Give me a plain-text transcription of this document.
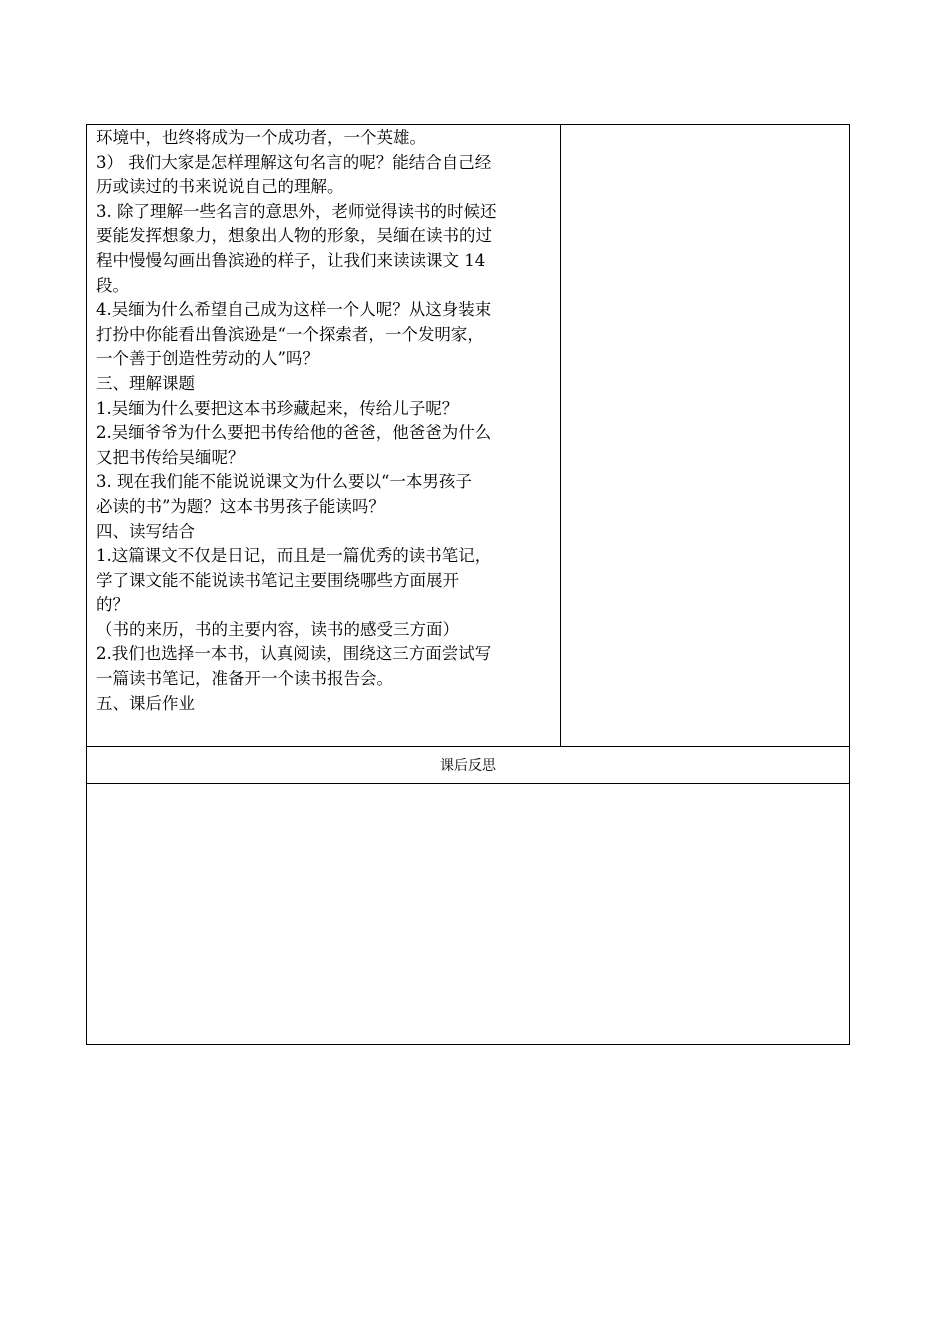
环境中，也终将成为一个成功者，一个英雄。
3） 我们大家是怎样理解这句名言的呢？能结合自己经
历或读过的书来说说自己的理解。
3. 除了理解一些名言的意思外，老师觉得读书的时候还
要能发挥想象力，想象出人物的形象，吴缅在读书的过
程中慢慢勾画出鲁滨逊的样子，让我们来读读课文 14
段。
4.吴缅为什么希望自己成为这样一个人呢？从这身装束
打扮中你能看出鲁滨逊是“一个探索者，一个发明家，
一个善于创造性劳动的人”吗？
三、理解课题
1.吴缅为什么要把这本书珍藏起来，传给儿子呢？
2.吴缅爷爷为什么要把书传给他的爸爸，他爸爸为什么
又把书传给吴缅呢？
3. 现在我们能不能说说课文为什么要以“一本男孩子
必读的书”为题？这本书男孩子能读吗？
四、读写结合
1.这篇课文不仅是日记，而且是一篇优秀的读书笔记，
学了课文能不能说读书笔记主要围绕哪些方面展开
的？
（书的来历，书的主要内容，读书的感受三方面）
2.我们也选择一本书，认真阅读，围绕这三方面尝试写
一篇读书笔记，准备开一个读书报告会。
五、课后作业

课后反思
